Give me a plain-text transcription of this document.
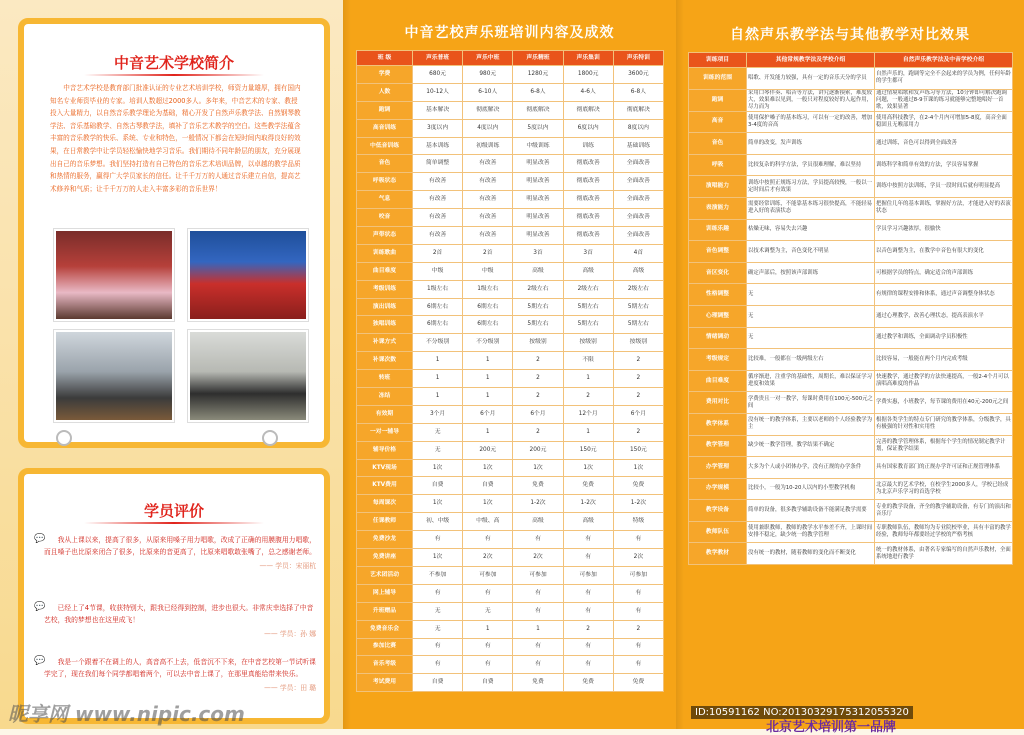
中音艺术学校简介

中音艺术学校是教育部门批准认证的专业艺术培训学校，师资力量雄厚，拥有国内知名专业师资毕业的专家。培训人数超过2000多人。多年来，中音艺术的专家、教授投入大量精力，以自然音乐教学理论为基础，精心开发了自然声乐教学法、自然钢琴教学法、音乐基础教学、自然古琴教学法，填补了音乐艺术教学的空白。这些教学法蕴含丰富的音乐教学的快乐、系统、专业和特色，一般情况下都会在短时间内取得良好的效果，在日常教学中让学员轻松愉快地学习音乐。我们期待不同年龄层的朋友，充分展现出自己的音乐梦想。我们坚持打造有自己特色的音乐艺术培训品牌，以卓越的教学品质和热情的服务，赢得广大学员家长的信任。让千千万万的人通过音乐建立自信，提高艺术修养和气质；让千千万万的人走入丰富多彩的音乐世界！

学员评价
💬	我从上课以来，提高了很多，从原来用嗓子用力唱歌，改成了正确的用膜腹用力唱歌，而且嗓子也比原来闭合了很多，比原来的音更高了，比原来唱歌敢张嘴了，总之感谢老师。

—— 学员：宋丽杭
💬	已经上了4节课，收获特别大，跟我已经得到控制，进步也很大。非常庆幸选择了中音艺校，我的梦想也在这里成飞！

—— 学员：孙 娜
💬	我是一个跟着不在调上的人，高音高不上去，低音沉不下来，在中音艺校第一节试听课学完了，现在我们每个同学都唱着两个，可以去中音上课了，在那里真能给带来快乐。

—— 学员：田 璐
昵享网 www.nipic.com
中音艺校声乐班培训内容及成效
班 级	声乐普班	声乐中班	声乐精班	声乐集训	声乐特训
学费	680元	980元	1280元	1800元	3600元
人数	10-12人	6-10人	6-8人	4-6人	6-8人
跑调	基本解决	彻底解决	彻底解决	彻底解决	彻底解决
高音训练	3度以内	4度以内	5度以内	6度以内	8度以内
中低音训练	基本训练	初级训练	中级训练	训练	基础训练
音色	简单调整	有改善	明显改善	彻底改善	全面改善
呼吸状态	有改善	有改善	明显改善	彻底改善	全面改善
气息	有改善	有改善	明显改善	彻底改善	全面改善
咬音	有改善	有改善	明显改善	彻底改善	全面改善
声带状态	有改善	有改善	明显改善	彻底改善	全面改善
训练歌曲	2首	2首	3首	3首	4首
曲目难度	中级	中级	高级	高级	高级
考级训练	1级左右	1级左右	2级左右	2级左右	2级左右
演出训练	6期左右	6期左右	5期左右	5期左右	5期左右
独唱训练	6期左右	6期左右	5期左右	5期左右	5期左右
补课方式	不分级别	不分级别	按级别	按级别	按级别
补课次数	1	1	2	不限	2
转班	1	1	2	1	2
冻结	1	1	2	2	2
有效期	3个月	6个月	6个月	12个月	6个月
一对一辅导	无	1	2	1	2
辅导价格	无	200元	200元	150元	150元
KTV现场	1次	1次	1次	1次	1次
KTV费用	自费	自费	免费	免费	免费
每周课次	1次	1次	1-2次	1-2次	1-2次
任课教师	初、中级	中级、高	高级	高级	特级
免费沙龙	有	有	有	有	有
免费讲座	1次	2次	2次	有	2次
艺术团活动	不参加	可参加	可参加	可参加	可参加
网上辅导	有	有	有	有	有
升班赠品	无	无	有	有	有
免费音乐会	无	1	1	2	2
参加比赛	有	有	有	有	有
音乐考级	有	有	有	有	有
考试费用	自费	自费	免费	免费	免费
自然声乐教学法与其他教学对比效果
训练项目	其他常规教学法及学校介绍	自然声乐教学法及中音学校介绍
训练的范围	唱歌、开发能力较强，具有一定的音乐天分的学员	自然声乐的，跑调等完全不会起来的学员为例，任何年龄的学生都可
跑调	采用口琴伴奏、唱音等方法，讲究逐渐摸索，难度较大，效果难以见到，一般只对程度较好的人起作用，尽力而为	通过情境唱歌和发声练习等方法，10分钟即可解决跑调问题，一般通过8-9节课的练习就能够完整地唱好一首歌，效果显著
高音	使用保护嗓子的基本练习，可以有一定的改善，增加3-4度的音高	使用高科技教学，在2-4个月内可增加5-8度，高音全面稳固且无喉部用力
音色	简单的改变，发声训练	通过训练，音色可以得到全面改善
呼吸	比较复杂的科学方法，学员很难理解，难以坚持	训练科学和简单有效的方法，学员容易掌握
演唱能力	训练中按照正规练习方法，学员提高较慢，一般以一定时间后才有效果	训练中按照方法训练，学员一段时间后就有明显提高
表演能力	需要经常训练，不能靠基本练习很快提高，不能轻易进入好的表演状态	把握住几年的基本训练，掌握好方法，才能进入好的表演状态
训练乐趣	枯燥无味，容易失去兴趣	学员学习兴趣浓厚，很愉快
音色调整	以技术调整为主，音色变化不明显	以音色调整为主，在教学中音色有很大的变化
音区变化	确定声部后，按照该声部训练	可根据学员的特点，确定适合的声部训练
性格调整	无	有规律的课程安排和体系，通过声音调整身体状态
心理调整	无	通过心理教学，改善心理状态，提高表演水平
情绪调动	无	通过教学和训练，全面调动学员积极性
考级规定	比较难，一般都在一级两级左右	比较容易，一般能在两个月内完成考级
曲目难度	循序渐进，注重学的基础性，周期长，难以保证学习进度和效果	快速教学，通过教学的方法快速提高，一般2-4个月可以演唱高难度的作品
费用对比	学费贵且一对一教学，每课时费用在100元-500元之间	学费实惠，小班教学，每节课的费用在40元-200元之间
教学体系	没有统一的教学体系，主要以老师的个人经验教学为主	根据各类学生的特点专门研究的教学体系，分级教学，具有极强的针对性和实用性
教学管理	缺少统一教学管理，教学结果不确定	完善的教学管理体系，根据每个学生的情况制定教学计划，保证教学结果
办学管理	大多为个人或小团体办学，没有正规的办学条件	具有国家教育部门的正规办学许可证和正规管理体系
办学规模	比较小，一般为10-20人以内的小型教学机构	北京最大的艺术学校，在校学生2000多人，学校已经成为北京声乐学习的首选学校
教学设备	简单的设备，很多教学辅助设备不能满足教学需要	专业的教学设备，齐全的教学辅助设备，有专门的演出和音乐厅
教师队伍	使用兼职教师，教师的教学水平参差不齐，上课时间安排不稳定，缺少统一的教学管理	专职教师队伍，教师均为专业院校毕业，具有丰富的教学经验，教师每年都要经过学校的严格考核
教学教材	没有统一的教材，随着教师的变化而不断变化	统一的教材体系，由著名专家编写的自然声乐教材，全面系统地进行教学
ID:10591162 NO:20130329175312055320
北京艺术培训第一品牌
